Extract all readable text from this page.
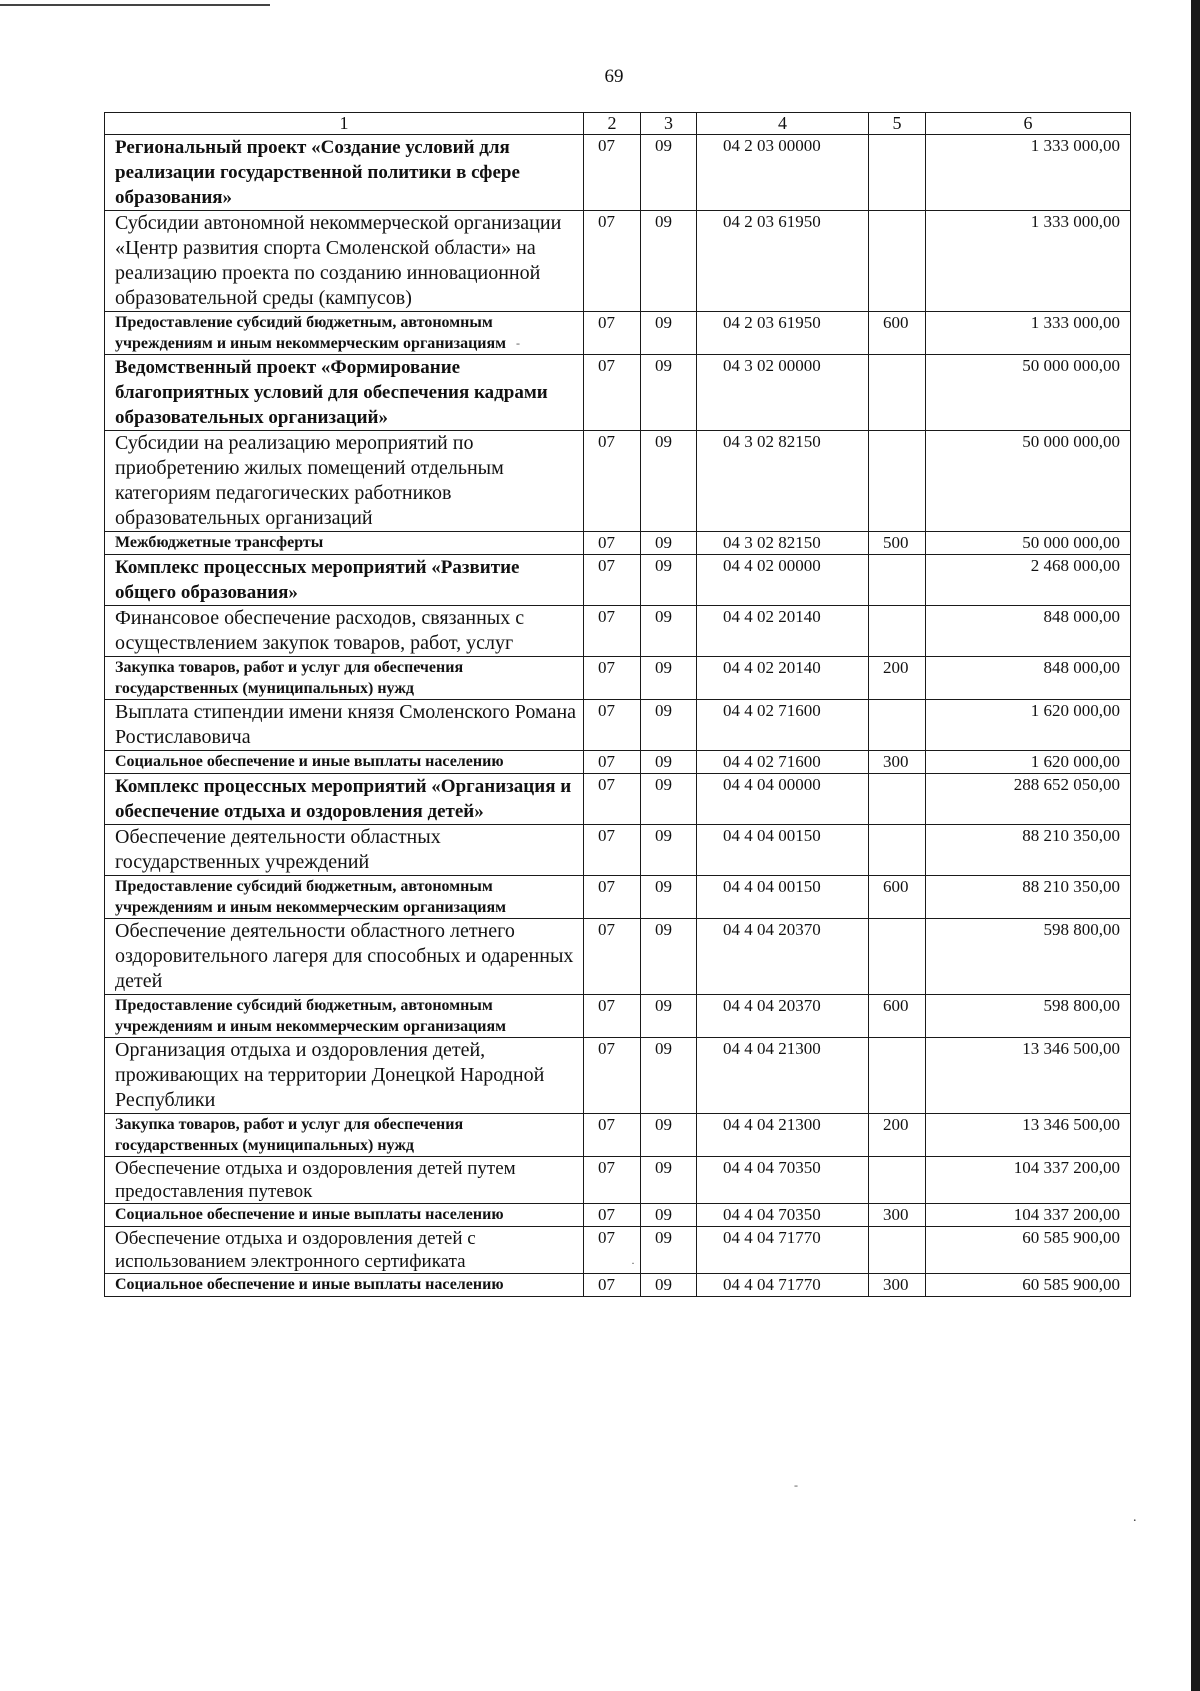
69
1	2	3	4	5	6
Региональный проект «Создание условий для реализации государственной политики в сфере образования»	07	09	04 2 03 00000		1 333 000,00
Субсидии автономной некоммерческой организации «Центр развития спорта Смоленской области» на реализацию проекта по созданию инновационной образовательной среды (кампусов)	07	09	04 2 03 61950		1 333 000,00
Предоставление субсидий бюджетным, автономным учреждениям и иным некоммерческим организациям	07	09	04 2 03 61950	600	1 333 000,00
Ведомственный проект «Формирование благоприятных условий для обеспечения кадрами образовательных организаций»	07	09	04 3 02 00000		50 000 000,00
Субсидии на реализацию мероприятий по приобретению жилых помещений отдельным категориям педагогических работников образовательных организаций	07	09	04 3 02 82150		50 000 000,00
Межбюджетные трансферты	07	09	04 3 02 82150	500	50 000 000,00
Комплекс процессных мероприятий «Развитие общего образования»	07	09	04 4 02 00000		2 468 000,00
Финансовое обеспечение расходов, связанных с осуществлением закупок товаров, работ, услуг	07	09	04 4 02 20140		848 000,00
Закупка товаров, работ и услуг для обеспечения государственных (муниципальных) нужд	07	09	04 4 02 20140	200	848 000,00
Выплата стипендии имени князя Смоленского Романа Ростиславовича	07	09	04 4 02 71600		1 620 000,00
Социальное обеспечение и иные выплаты населению	07	09	04 4 02 71600	300	1 620 000,00
Комплекс процессных мероприятий «Организация и обеспечение отдыха и оздоровления детей»	07	09	04 4 04 00000		288 652 050,00
Обеспечение деятельности областных государственных учреждений	07	09	04 4 04 00150		88 210 350,00
Предоставление субсидий бюджетным, автономным учреждениям и иным некоммерческим организациям	07	09	04 4 04 00150	600	88 210 350,00
Обеспечение деятельности областного летнего оздоровительного лагеря для способных и одаренных детей	07	09	04 4 04 20370		598 800,00
Предоставление субсидий бюджетным, автономным учреждениям и иным некоммерческим организациям	07	09	04 4 04 20370	600	598 800,00
Организация отдыха и оздоровления детей, проживающих на территории Донецкой Народной Республики	07	09	04 4 04 21300		13 346 500,00
Закупка товаров, работ и услуг для обеспечения государственных (муниципальных) нужд	07	09	04 4 04 21300	200	13 346 500,00
Обеспечение отдыха и оздоровления детей путем предоставления путевок	07	09	04 4 04 70350		104 337 200,00
Социальное обеспечение и иные выплаты населению	07	09	04 4 04 70350	300	104 337 200,00
Обеспечение отдыха и оздоровления детей с использованием электронного сертификата	07	09	04 4 04 71770		60 585 900,00
Социальное обеспечение и иные выплаты населению	07	09	04 4 04 71770	300	60 585 900,00
.
·
-
-
